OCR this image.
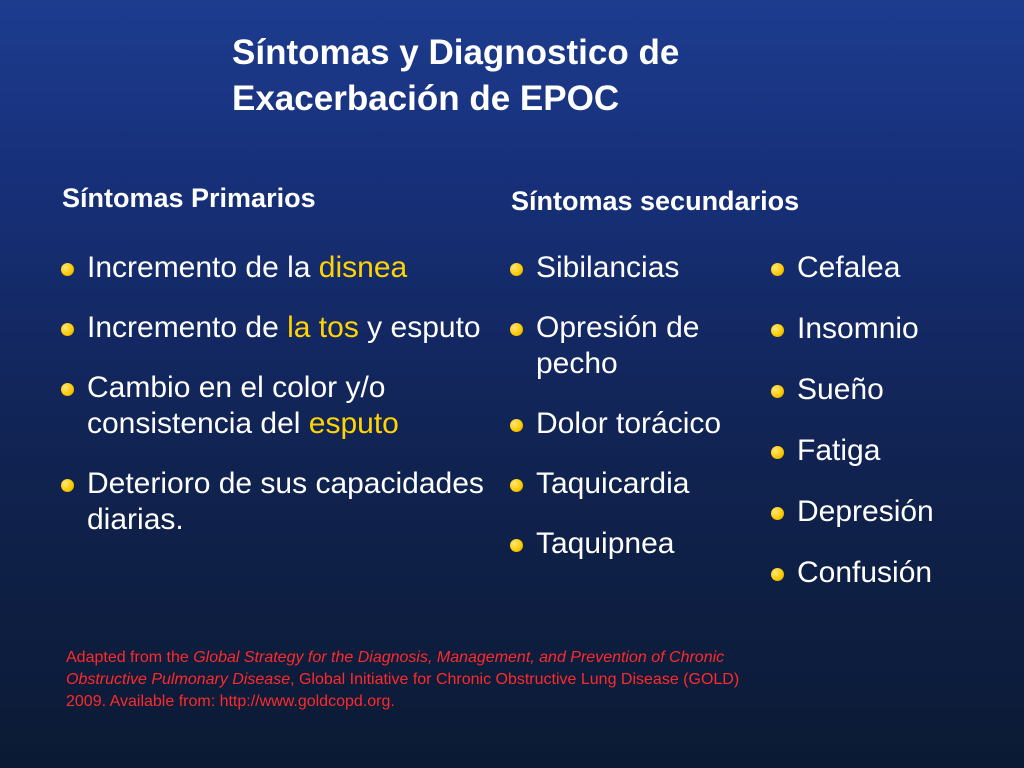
Síntomas y Diagnostico de
Exacerbación de EPOC
Síntomas Primarios
Incremento de la disnea
Incremento de la tos y esputo
Cambio en el color y/o consistencia del esputo
Deterioro de sus capacidades diarias.
Síntomas secundarios
Sibilancias
Opresión de pecho
Dolor torácico
Taquicardia
Taquipnea
Cefalea
Insomnio
Sueño
Fatiga
Depresión
Confusión

Adapted from the Global Strategy for the Diagnosis, Management, and Prevention of Chronic
Obstructive Pulmonary Disease, Global Initiative for Chronic Obstructive Lung Disease (GOLD)
2009. Available from: http://www.goldcopd.org.
